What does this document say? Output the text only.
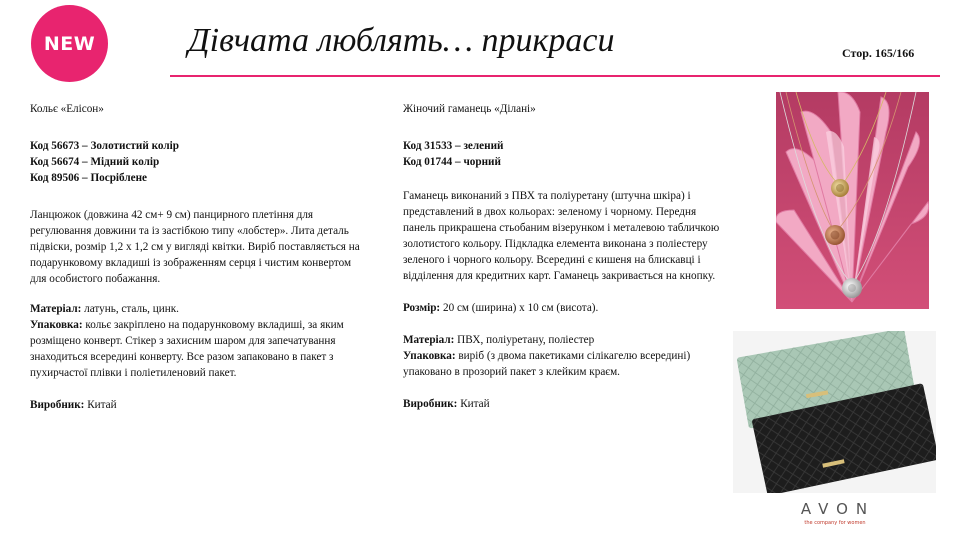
NEW	Дівчата люблять… прикраси	Стор. 165/166

Кольє «Елісон»

Код 56673 – Золотистий колір

Код 56674 – Мідний колір

Код 89506 – Посріблене

Ланцюжок (довжина 42 см+ 9 см) панцирного плетіння для регулювання довжини та із застібкою типу «лобстер». Лита деталь підвіски, розмір 1,2 х 1,2 см у вигляді квітки. Виріб поставляється на подарунковому вкладиші із зображенням серця і чистим конвертом для особистого побажання.

Матеріал: латунь, сталь, цинк.

Упаковка: кольє закріплено на подарунковому вкладиші, за яким розміщено конверт. Стікер з захисним шаром для запечатування знаходиться всередині конверту. Все разом запаковано в пакет з пухирчастої плівки і поліетиленовий пакет.

Виробник: Китай

Жіночий гаманець «Ділані»

Код 31533 – зелений

Код 01744 – чорний

Гаманець виконаний з ПВХ та поліуретану (штучна шкіра) і представлений в двох кольорах: зеленому і чорному. Передня панель прикрашена стьобаним візерунком і металевою табличкою золотистого кольору. Підкладка елемента виконана з поліестеру зеленого і чорного кольору. Всередині є кишеня на блискавці і відділення для кредитних карт. Гаманець закривається на кнопку.

Розмір: 20 см (ширина) х 10 см (висота).

Матеріал: ПВХ, поліуретану, поліестер

Упаковка: виріб (з двома пакетиками сілікагелю всередині) упаковано в прозорий пакет з клейким краєм.

Виробник: Китай

AVON
the company for women
